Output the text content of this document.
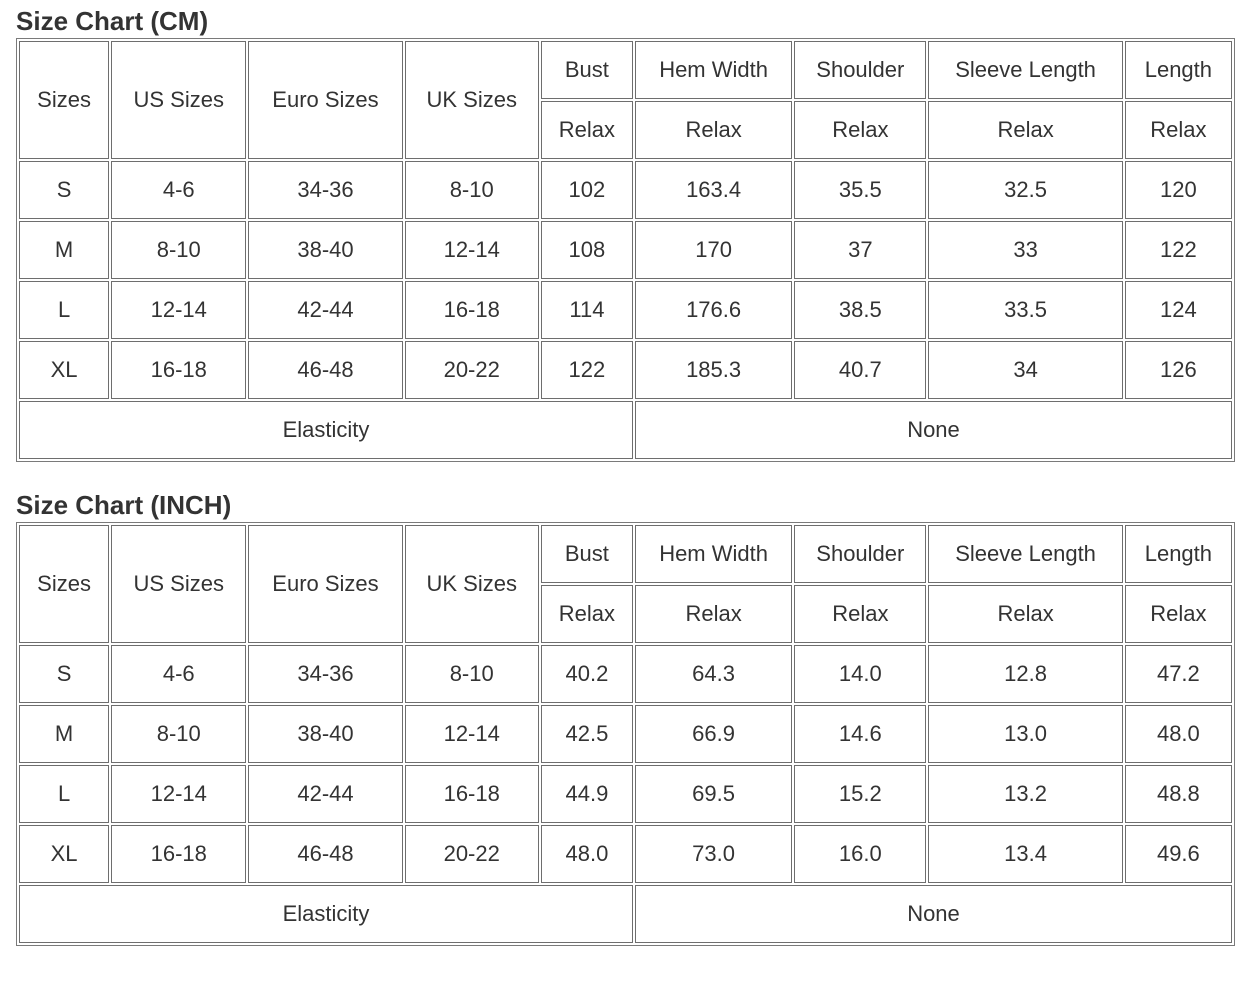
Size Chart (CM)
Sizes	US Sizes	Euro Sizes	UK Sizes	Bust	Hem Width	Shoulder	Sleeve Length	Length
				Relax	Relax	Relax	Relax	Relax
S	4-6	34-36	8-10	102	163.4	35.5	32.5	120
M	8-10	38-40	12-14	108	170	37	33	122
L	12-14	42-44	16-18	114	176.6	38.5	33.5	124
XL	16-18	46-48	20-22	122	185.3	40.7	34	126
Elasticity					None			
Size Chart (INCH)
Sizes	US Sizes	Euro Sizes	UK Sizes	Bust	Hem Width	Shoulder	Sleeve Length	Length
				Relax	Relax	Relax	Relax	Relax
S	4-6	34-36	8-10	40.2	64.3	14.0	12.8	47.2
M	8-10	38-40	12-14	42.5	66.9	14.6	13.0	48.0
L	12-14	42-44	16-18	44.9	69.5	15.2	13.2	48.8
XL	16-18	46-48	20-22	48.0	73.0	16.0	13.4	49.6
Elasticity					None			
